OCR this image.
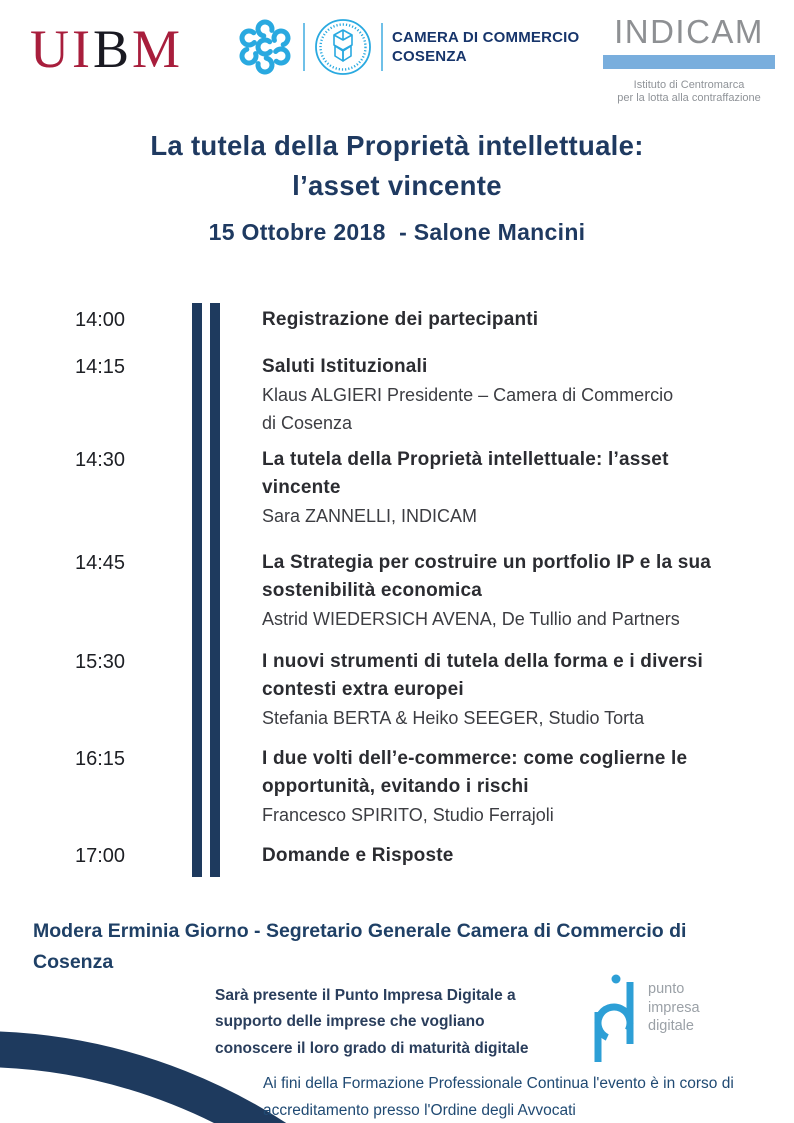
UIBM	CAMERA DI COMMERCIO
COSENZA
INDICAM
Istituto di Centromarca
per la lotta alla contraffazione
La tutela della Proprietà intellettuale:
l’asset vincente
15 Ottobre 2018  - Salone Mancini
14:00	Registrazione dei partecipanti
14:15	Saluti Istituzionali
Klaus ALGIERI Presidente – Camera di Commercio
di Cosenza
14:30	La tutela della Proprietà intellettuale: l’asset
vincente
Sara ZANNELLI, INDICAM
14:45	La Strategia per costruire un portfolio IP e la sua
sostenibilità economica
Astrid WIEDERSICH AVENA, De Tullio and Partners
15:30	I nuovi strumenti di tutela della forma e i diversi
contesti extra europei
Stefania BERTA & Heiko SEEGER, Studio Torta
16:15	I due volti dell’e-commerce: come coglierne le
opportunità, evitando i rischi
Francesco SPIRITO, Studio Ferrajoli
17:00	Domande e Risposte
Modera Erminia Giorno - Segretario Generale Camera di Commercio di
Cosenza
Sarà presente il Punto Impresa Digitale a
supporto delle imprese che vogliano
conoscere il loro grado di maturità digitale
punto
impresa
digitale
Ai fini della Formazione Professionale Continua l'evento è in corso di
accreditamento presso l'Ordine degli Avvocati
